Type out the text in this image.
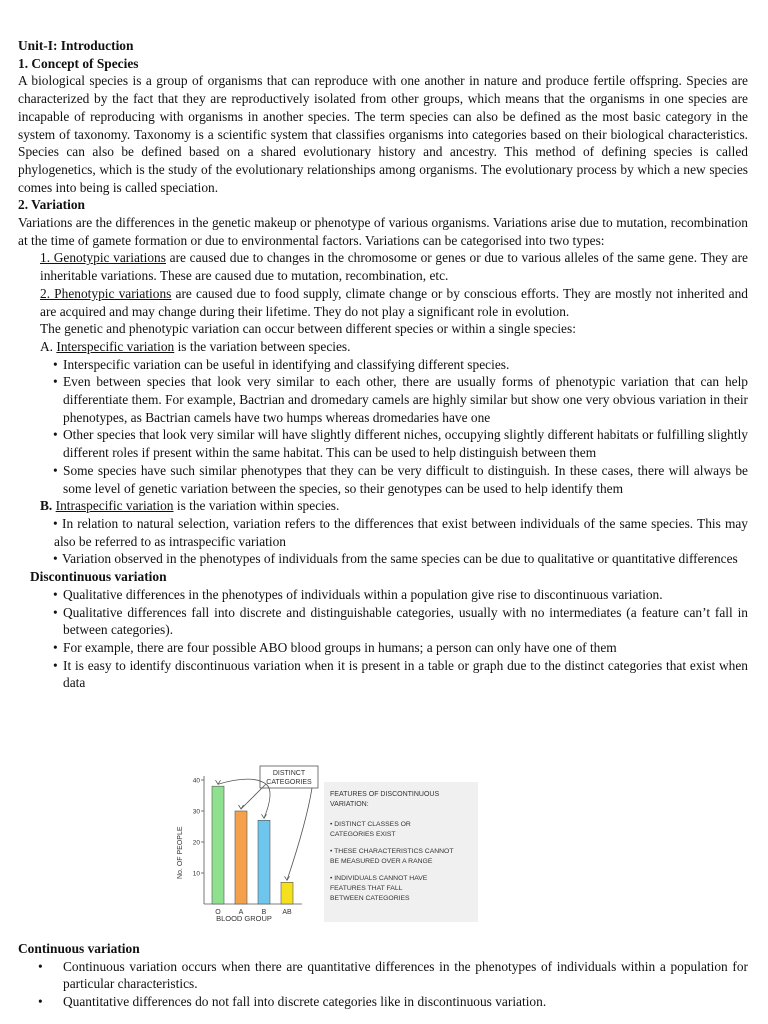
Unit-I: Introduction
1. Concept of Species

A biological species is a group of organisms that can reproduce with one another in nature and produce fertile offspring. Species are characterized by the fact that they are reproductively isolated from other groups, which means that the organisms in one species are incapable of reproducing with organisms in another species. The term species can also be defined as the most basic category in the system of taxonomy. Taxonomy is a scientific system that classifies organisms into categories based on their biological characteristics. Species can also be defined based on a shared evolutionary history and ancestry. This method of defining species is called phylogenetics, which is the study of the evolutionary relationships among organisms. The evolutionary process by which a new species comes into being is called speciation.

2. Variation

Variations are the differences in the genetic makeup or phenotype of various organisms. Variations arise due to mutation, recombination at the time of gamete formation or due to environmental factors. Variations can be categorised into two types:

1. Genotypic variations are caused due to changes in the chromosome or genes or due to various alleles of the same gene. They are inheritable variations. These are caused due to mutation, recombination, etc.

2. Phenotypic variations are caused due to food supply, climate change or by conscious efforts. They are mostly not inherited and are acquired and may change during their lifetime. They do not play a significant role in evolution.

The genetic and phenotypic variation can occur between different species or within a single species:

A. Interspecific variation is the variation between species.

• Interspecific variation can be useful in identifying and classifying different species.
• Even between species that look very similar to each other, there are usually forms of phenotypic variation that can help differentiate them. For example, Bactrian and dromedary camels are highly similar but show one very obvious variation in their phenotypes, as Bactrian camels have two humps whereas dromedaries have one
• Other species that look very similar will have slightly different niches, occupying slightly different habitats or fulfilling slightly different roles if present within the same habitat. This can be used to help distinguish between them
• Some species have such similar phenotypes that they can be very difficult to distinguish. In these cases, there will always be some level of genetic variation between the species, so their genotypes can be used to help identify them

B. Intraspecific variation is the variation within species.

• In relation to natural selection, variation refers to the differences that exist between individuals of the same species. This may also be referred to as intraspecific variation
• Variation observed in the phenotypes of individuals from the same species can be due to qualitative or quantitative differences
Discontinuous variation
• Qualitative differences in the phenotypes of individuals within a population give rise to discontinuous variation.
• Qualitative differences fall into discrete and distinguishable categories, usually with no intermediates (a feature can’t fall in between categories).
• For example, there are four possible ABO blood groups in humans; a person can only have one of them
• It is easy to identify discontinuous variation when it is present in a table or graph due to the distinct categories that exist when data
10
20
30
40
O	A	B AB
No. OF PEOPLE
BLOOD GROUP
DISTINCT
CATEGORIES
FEATURES OF DISCONTINUOUS
VARIATION:
• DISTINCT CLASSES OR
CATEGORIES EXIST
• THESE CHARACTERISTICS CANNOT
BE MEASURED OVER A RANGE
• INDIVIDUALS CANNOT HAVE
FEATURES THAT FALL
BETWEEN CATEGORIES
Continuous variation
• Continuous variation occurs when there are quantitative differences in the phenotypes of individuals within a population for particular characteristics.
• Quantitative differences do not fall into discrete categories like in discontinuous variation.
